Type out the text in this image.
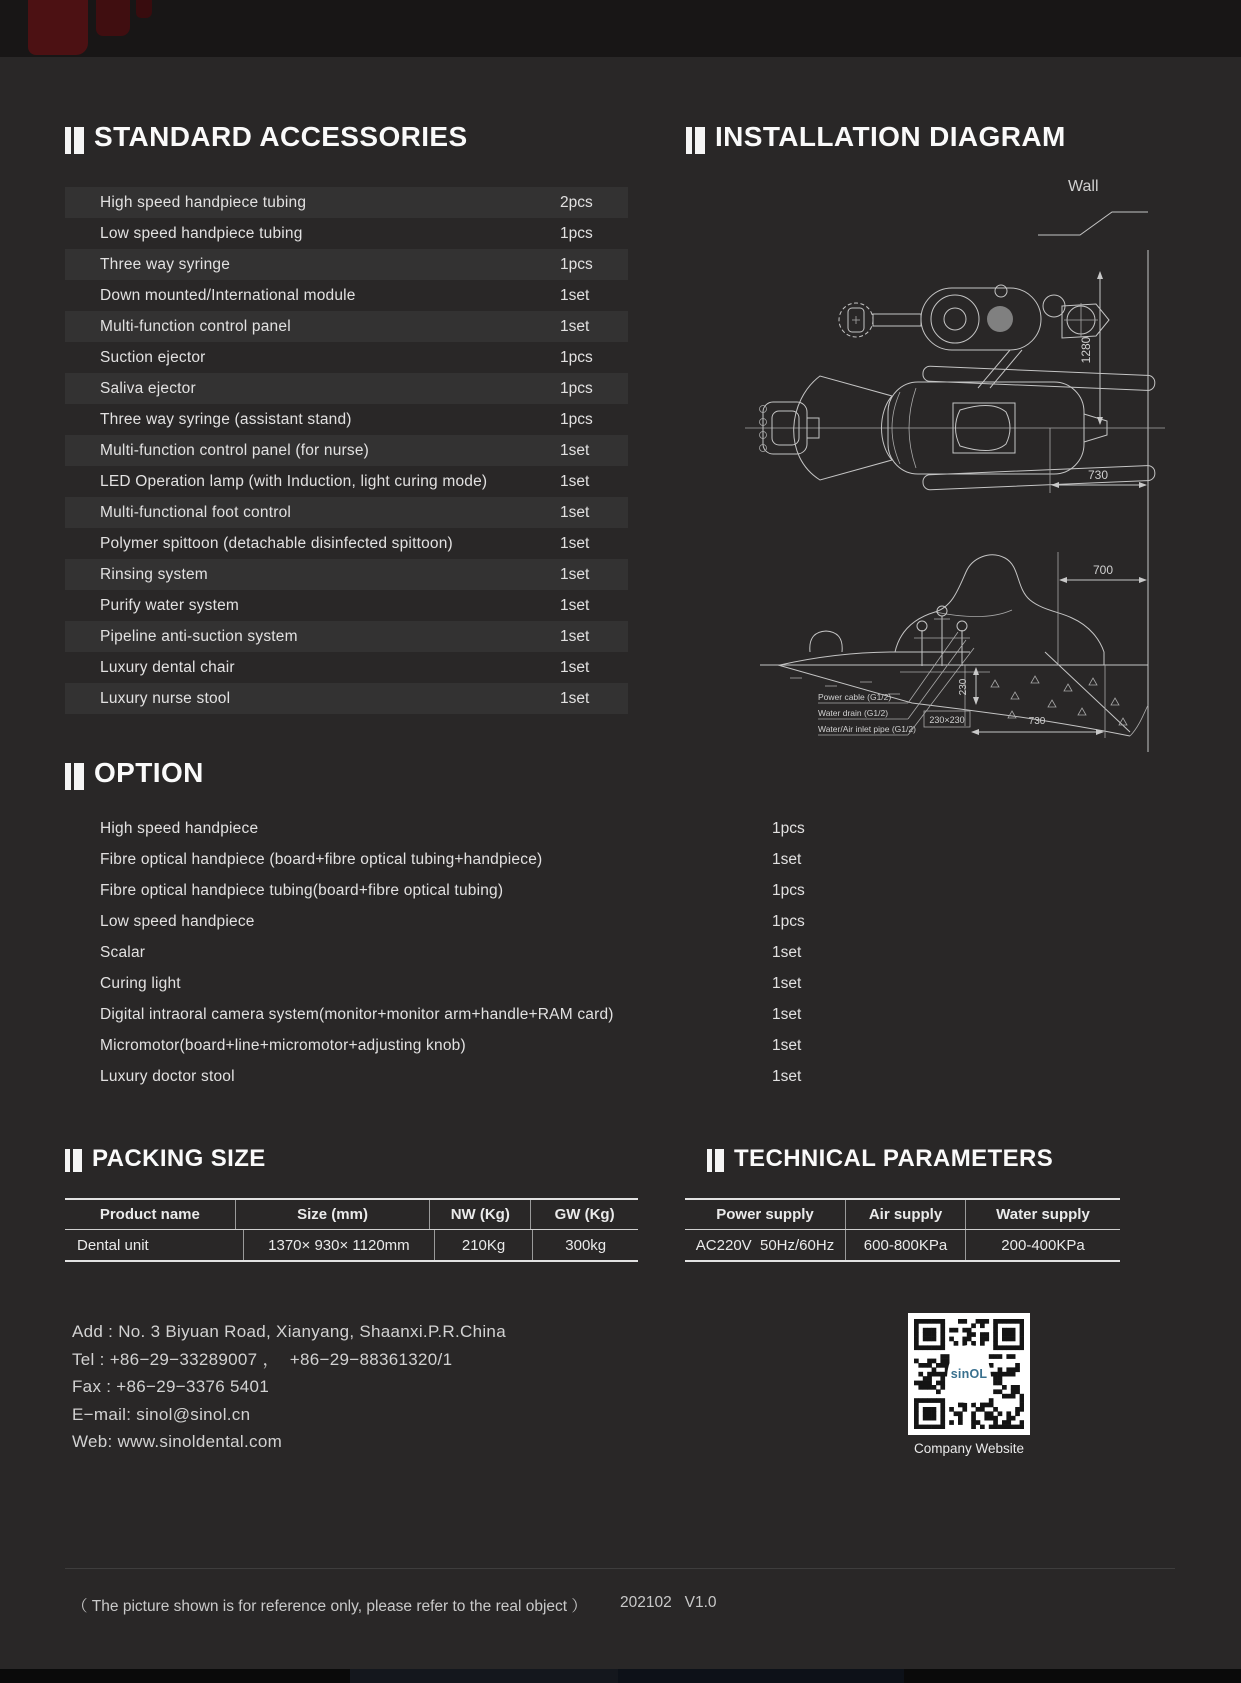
STANDARD ACCESSORIES
High speed handpiece tubing	2pcs
Low speed handpiece tubing	1pcs
Three way syringe	1pcs
Down mounted/International module	1set
Multi-function control panel	1set
Suction ejector	1pcs
Saliva ejector	1pcs
Three way syringe (assistant stand)	1pcs
Multi-function control panel (for nurse)	1set
LED Operation lamp (with Induction, light curing mode)	1set
Multi-functional foot control	1set
Polymer spittoon (detachable disinfected spittoon)	1set
Rinsing system	1set
Purify water system	1set
Pipeline anti-suction system	1set
Luxury dental chair	1set
Luxury nurse stool	1set
INSTALLATION DIAGRAM
Wall
1280
730
700
230
230×230	730
Power cable (G1/2)
Water drain (G1/2)
Water/Air inlet pipe (G1/2)
OPTION
High speed handpiece	1pcs
Fibre optical handpiece (board+fibre optical tubing+handpiece)	1set
Fibre optical handpiece tubing(board+fibre optical tubing)	1pcs
Low speed handpiece	1pcs
Scalar	1set
Curing light	1set
Digital intraoral camera system(monitor+monitor arm+handle+RAM card)	1set
Micromotor(board+line+micromotor+adjusting knob)	1set
Luxury doctor stool	1set
PACKING SIZE
Product name	Size (mm)	NW (Kg)	GW (Kg)
Dental unit	1370× 930× 1120mm	210Kg	300kg
TECHNICAL PARAMETERS
Power supply	Air supply	Water supply
AC220V  50Hz/60Hz	600-800KPa	200-400KPa

Add : No. 3 Biyuan Road, Xianyang, Shaanxi.P.R.China

Tel : +86−29−33289007 ，  +86−29−88361320/1

Fax : +86−29−3376 5401

E−mail: sinol@sinol.cn

Web: www.sinoldental.com

sinOL
Company Website
（ The picture shown is for reference only, please refer to the real object ） 202102   V1.0
